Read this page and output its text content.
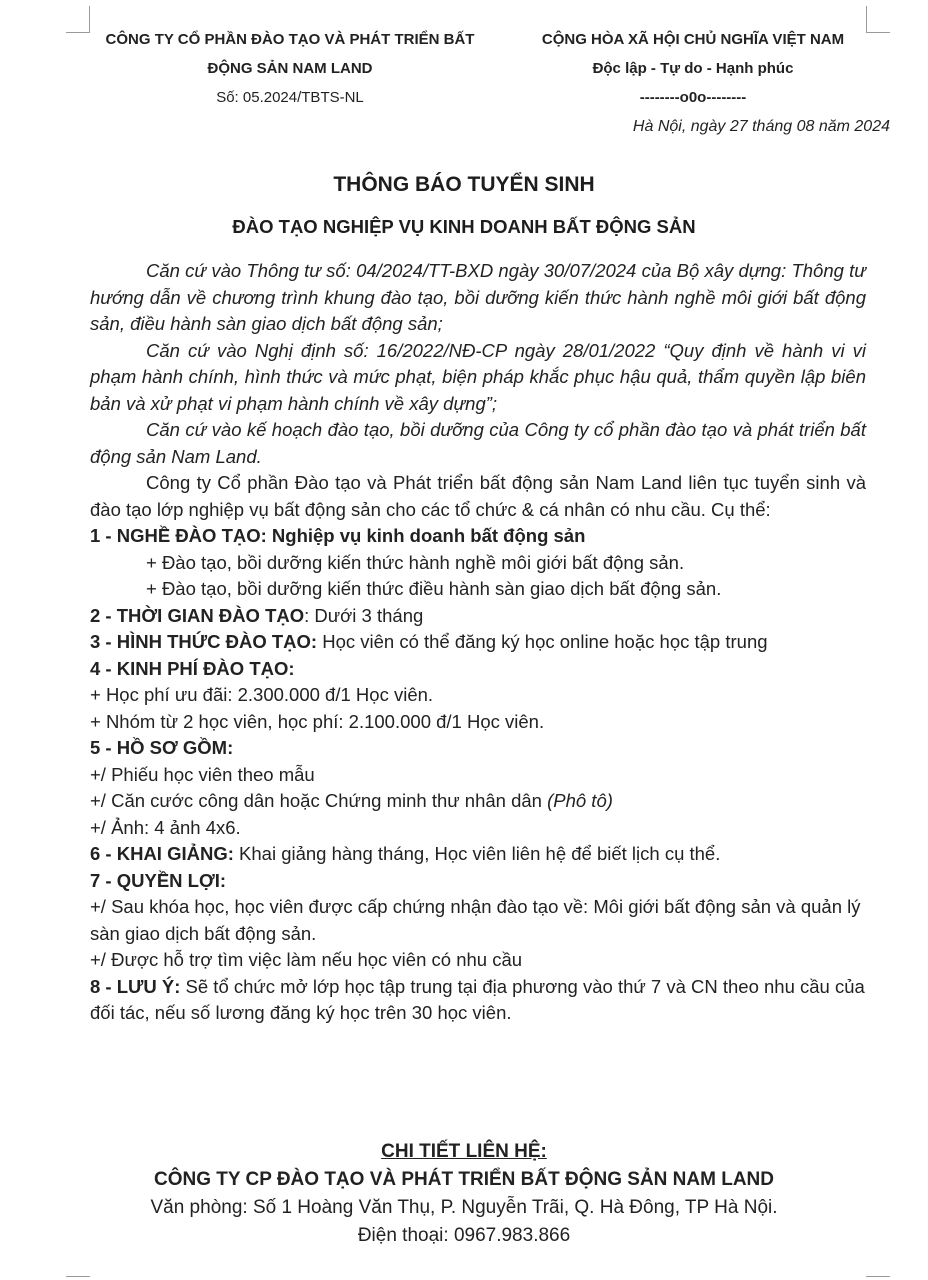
CÔNG TY CỔ PHẦN ĐÀO TẠO VÀ PHÁT TRIỂN BẤT
ĐỘNG SẢN NAM LAND
Số: 05.2024/TBTS-NL
CỘNG HÒA XÃ HỘI CHỦ NGHĨA VIỆT NAM
Độc lập - Tự do - Hạnh phúc
--------o0o--------
Hà Nội, ngày 27 tháng 08 năm 2024
THÔNG BÁO TUYỂN SINH
ĐÀO TẠO NGHIỆP VỤ KINH DOANH BẤT ĐỘNG SẢN

Căn cứ vào Thông tư số: 04/2024/TT-BXD ngày 30/07/2024 của Bộ xây dựng: Thông tư hướng dẫn về chương trình khung đào tạo, bồi dưỡng kiến thức hành nghề môi giới bất động sản, điều hành sàn giao dịch bất động sản;

Căn cứ vào Nghị định số: 16/2022/NĐ-CP ngày 28/01/2022 “Quy định về hành vi vi phạm hành chính, hình thức và mức phạt, biện pháp khắc phục hậu quả, thẩm quyền lập biên bản và xử phạt vi phạm hành chính về xây dựng”;

Căn cứ vào kế hoạch đào tạo, bồi dưỡng của Công ty cổ phần đào tạo và phát triển bất động sản Nam Land.

Công ty Cổ phần Đào tạo và Phát triển bất động sản Nam Land liên tục tuyển sinh và đào tạo lớp nghiệp vụ bất động sản cho các tổ chức & cá nhân có nhu cầu. Cụ thể:

1 - NGHỀ ĐÀO TẠO: Nghiệp vụ kinh doanh bất động sản

+ Đào tạo, bồi dưỡng kiến thức hành nghề môi giới bất động sản.

+ Đào tạo, bồi dưỡng kiến thức điều hành sàn giao dịch bất động sản.

2 - THỜI GIAN ĐÀO TẠO: Dưới 3 tháng

3 - HÌNH THỨC ĐÀO TẠO: Học viên có thể đăng ký học online hoặc học tập trung

4 - KINH PHÍ ĐÀO TẠO:

+ Học phí ưu đãi: 2.300.000 đ/1 Học viên.

+ Nhóm từ 2 học viên, học phí: 2.100.000 đ/1 Học viên.

5 - HỒ SƠ GỒM:

+/ Phiếu học viên theo mẫu

+/ Căn cước công dân hoặc Chứng minh thư nhân dân (Phô tô)

+/ Ảnh: 4 ảnh 4x6.

6 - KHAI GIẢNG: Khai giảng hàng tháng, Học viên liên hệ để biết lịch cụ thể.

7 - QUYỀN LỢI:

+/ Sau khóa học, học viên được cấp chứng nhận đào tạo về: Môi giới bất động sản và quản lý sàn giao dịch bất động sản.

+/ Được hỗ trợ tìm việc làm nếu học viên có nhu cầu

8 - LƯU Ý: Sẽ tổ chức mở lớp học tập trung tại địa phương vào thứ 7 và CN theo nhu cầu của đối tác, nếu số lương đăng ký học trên 30 học viên.

CHI TIẾT LIÊN HỆ:
CÔNG TY CP ĐÀO TẠO VÀ PHÁT TRIỂN BẤT ĐỘNG SẢN NAM LAND
Văn phòng: Số 1 Hoàng Văn Thụ, P. Nguyễn Trãi, Q. Hà Đông, TP Hà Nội.
Điện thoại: 0967.983.866
